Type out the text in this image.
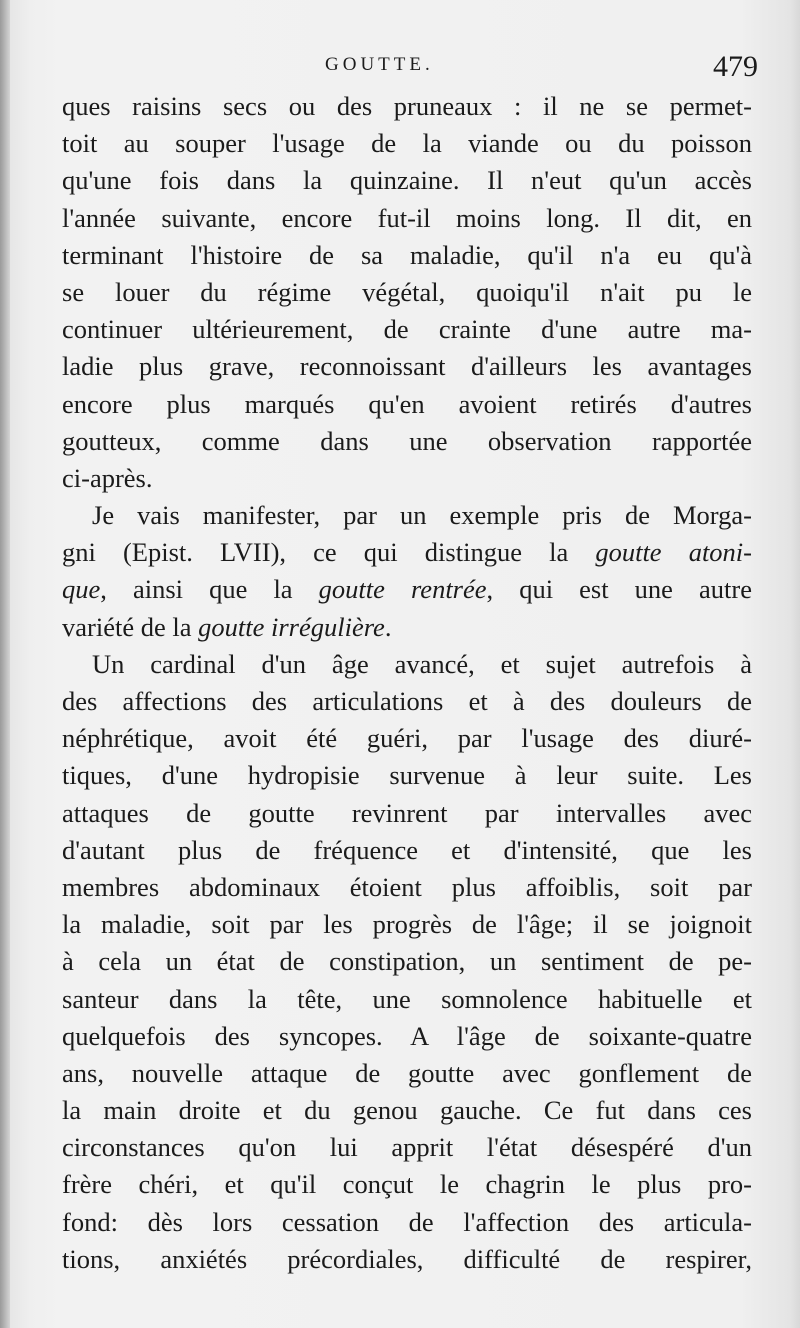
GOUTTE.	479
ques raisins secs ou des pruneaux : il ne se permet-
toit au souper l'usage de la viande ou du poisson
qu'une fois dans la quinzaine. Il n'eut qu'un accès
l'année suivante, encore fut-il moins long. Il dit, en
terminant l'histoire de sa maladie, qu'il n'a eu qu'à
se louer du régime végétal, quoiqu'il n'ait pu le
continuer ultérieurement, de crainte d'une autre ma-
ladie plus grave, reconnoissant d'ailleurs les avantages
encore plus marqués qu'en avoient retirés d'autres
goutteux, comme dans une observation rapportée
ci-après.
Je vais manifester, par un exemple pris de Morga-
gni (Epist. LVII), ce qui distingue la goutte atoni-
que, ainsi que la goutte rentrée, qui est une autre
variété de la goutte irrégulière.
Un cardinal d'un âge avancé, et sujet autrefois à
des affections des articulations et à des douleurs de
néphrétique, avoit été guéri, par l'usage des diuré-
tiques, d'une hydropisie survenue à leur suite. Les
attaques de goutte revinrent par intervalles avec
d'autant plus de fréquence et d'intensité, que les
membres abdominaux étoient plus affoiblis, soit par
la maladie, soit par les progrès de l'âge; il se joignoit
à cela un état de constipation, un sentiment de pe-
santeur dans la tête, une somnolence habituelle et
quelquefois des syncopes. A l'âge de soixante-quatre
ans, nouvelle attaque de goutte avec gonflement de
la main droite et du genou gauche. Ce fut dans ces
circonstances qu'on lui apprit l'état désespéré d'un
frère chéri, et qu'il conçut le chagrin le plus pro-
fond: dès lors cessation de l'affection des articula-
tions, anxiétés précordiales, difficulté de respirer,
